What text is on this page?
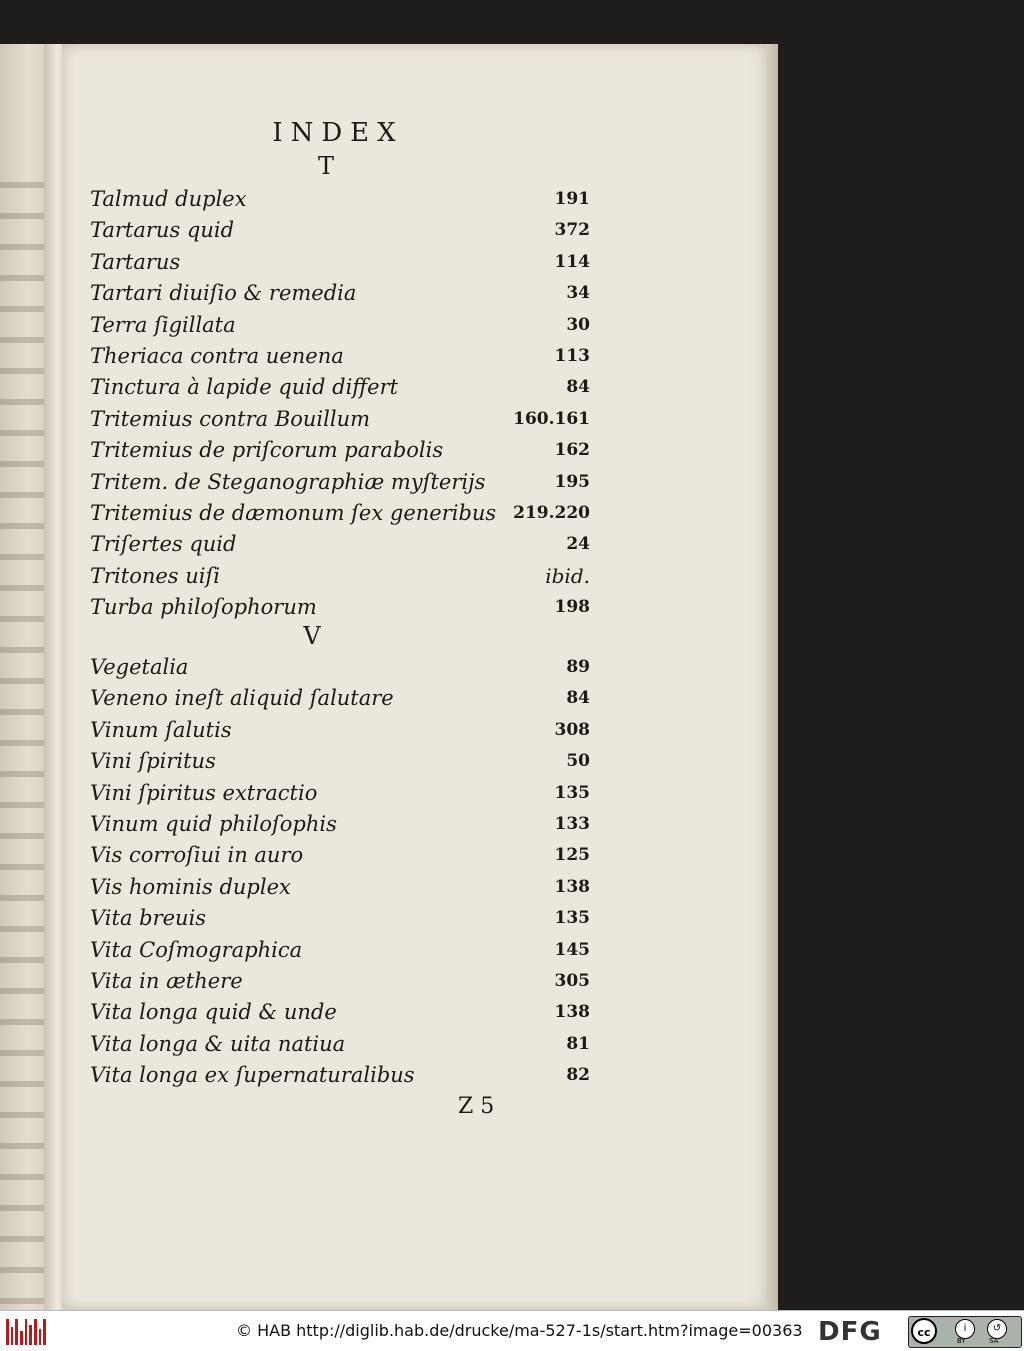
INDEX
T
Talmud duplex	191
Tartarus quid	372
Tartarus	114
Tartari diuiſio & remedia	34
Terra ſigillata	30
Theriaca contra uenena	113
Tinctura à lapide quid differt	84
Tritemius contra Bouillum	160.161
Tritemius de priſcorum parabolis	162
Tritem. de Steganographiæ myſterijs	195
Tritemius de dæmonum ſex generibus 219.220
Triſertes quid	24
Tritones uiſi	ibid.
Turba philoſophorum	198
V
Vegetalia	89
Veneno ineſt aliquid ſalutare	84
Vinum ſalutis	308
Vini ſpiritus	50
Vini ſpiritus extractio	135
Vinum quid philoſophis	133
Vis corroſiui in auro	125
Vis hominis duplex	138
Vita breuis	135
Vita Coſmographica	145
Vita in æthere	305
Vita longa quid & unde	138
Vita longa & uita natiua	81
Vita longa ex ſupernaturalibus	82
Z 5
© HAB http://diglib.hab.de/drucke/ma-527-1s/start.htm?image=00363 DFG	cc	i
BY
↺
SA
